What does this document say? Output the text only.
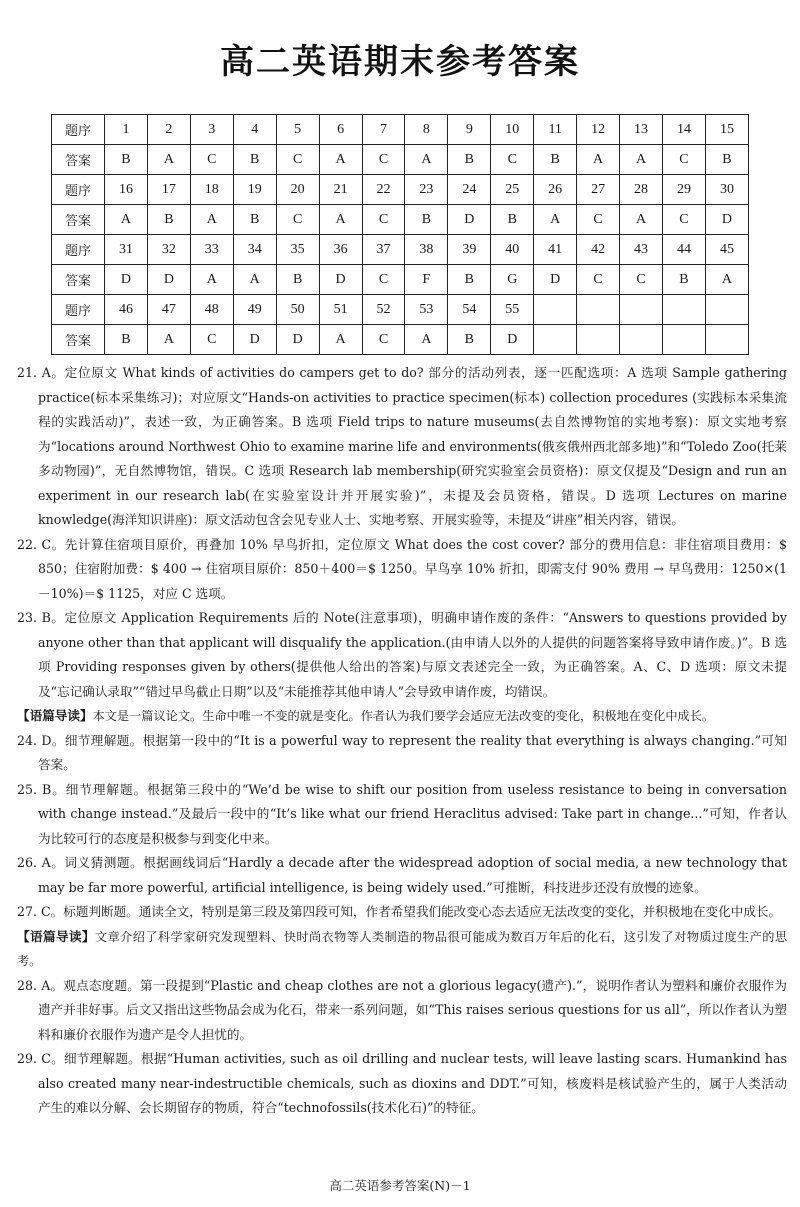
高二英语期末参考答案
题序	1	2	3	4	5	6	7	8	9	10	11	12	13	14	15
答案	B	A	C	B	C	A	C	A	B	C	B	A	A	C	B
题序	16	17	18	19	20	21	22	23	24	25	26	27	28	29	30
答案	A	B	A	B	C	A	C	B	D	B	A	C	A	C	D
题序	31	32	33	34	35	36	37	38	39	40	41	42	43	44	45
答案	D	D	A	A	B	D	C	F	B	G	D	C	C	B	A
题序	46	47	48	49	50	51	52	53	54	55					
答案	B	A	C	D	D	A	C	A	B	D					

21. A。定位原文 What kinds of activities do campers get to do? 部分的活动列表，逐一匹配选项：A 选项 Sample gathering practice(标本采集练习)；对应原文“Hands-on activities to practice specimen(标本) collection procedures (实践标本采集流程的实践活动)”，表述一致，为正确答案。B 选项 Field trips to nature museums(去自然博物馆的实地考察)：原文实地考察为“locations around Northwest Ohio to examine marine life and environments(俄亥俄州西北部多地)”和“Toledo Zoo(托莱多动物园)”，无自然博物馆，错误。C 选项 Research lab membership(研究实验室会员资格)：原文仅提及“Design and run an experiment in our research lab(在实验室设计并开展实验)”，未提及会员资格，错误。D 选项 Lectures on marine knowledge(海洋知识讲座)：原文活动包含会见专业人士、实地考察、开展实验等，未提及“讲座”相关内容，错误。

22. C。先计算住宿项目原价，再叠加 10% 早鸟折扣，定位原文 What does the cost cover? 部分的费用信息：非住宿项目费用：$ 850；住宿附加费：$ 400 → 住宿项目原价：850＋400＝$ 1250。早鸟享 10% 折扣，即需支付 90% 费用 → 早鸟费用：1250×(1－10%)＝$ 1125，对应 C 选项。

23. B。定位原文 Application Requirements 后的 Note(注意事项)，明确申请作废的条件：“Answers to questions provided by anyone other than that applicant will disqualify the application.(由申请人以外的人提供的问题答案将导致申请作废。)”。B 选项 Providing responses given by others(提供他人给出的答案)与原文表述完全一致，为正确答案。A、C、D 选项：原文未提及“忘记确认录取”“错过早鸟截止日期”以及“未能推荐其他申请人”会导致申请作废，均错误。

【语篇导读】本文是一篇议论文。生命中唯一不变的就是变化。作者认为我们要学会适应无法改变的变化，积极地在变化中成长。

24. D。细节理解题。根据第一段中的“It is a powerful way to represent the reality that everything is always changing.”可知答案。

25. B。细节理解题。根据第三段中的“We’d be wise to shift our position from useless resistance to being in conversation with change instead.”及最后一段中的“It’s like what our friend Heraclitus advised: Take part in change...”可知，作者认为比较可行的态度是积极参与到变化中来。

26. A。词义猜测题。根据画线词后“Hardly a decade after the widespread adoption of social media, a new technology that may be far more powerful, artificial intelligence, is being widely used.”可推断，科技进步还没有放慢的迹象。

27. C。标题判断题。通读全文，特别是第三段及第四段可知，作者希望我们能改变心态去适应无法改变的变化，并积极地在变化中成长。

【语篇导读】文章介绍了科学家研究发现塑料、快时尚衣物等人类制造的物品很可能成为数百万年后的化石，这引发了对物质过度生产的思考。

28. A。观点态度题。第一段提到“Plastic and cheap clothes are not a glorious legacy(遗产).”，说明作者认为塑料和廉价衣服作为遗产并非好事。后文又指出这些物品会成为化石，带来一系列问题，如“This raises serious questions for us all”，所以作者认为塑料和廉价衣服作为遗产是令人担忧的。

29. C。细节理解题。根据“Human activities, such as oil drilling and nuclear tests, will leave lasting scars. Humankind has also created many near-indestructible chemicals, such as dioxins and DDT.”可知，核废料是核试验产生的，属于人类活动产生的难以分解、会长期留存的物质，符合“technofossils(技术化石)”的特征。

高二英语参考答案(N)－1
